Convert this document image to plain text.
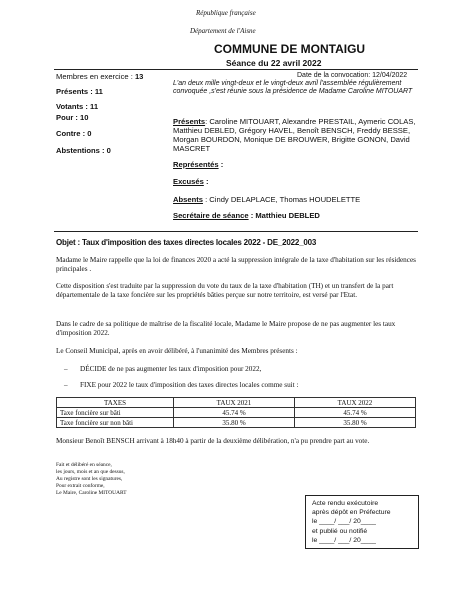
République française
Département de l'Aisne
COMMUNE DE MONTAIGU
Séance du 22 avril 2022
Membres en exercice : 13
Présents : 11
Votants : 11
Pour : 10
Contre : 0
Abstentions : 0
Date de la convocation: 12/04/2022
L'an deux mille vingt-deux et le vingt-deux avril l'assemblée régulièrement convoquée ,s'est réunie sous la présidence de Madame Caroline MITOUART
Présents: Caroline MITOUART, Alexandre PRESTAIL, Aymeric COLAS, Matthieu DEBLED, Grégory HAVEL, Benoît BENSCH, Freddy BESSE, Morgan BOURDON, Monique DE BROUWER, Brigitte GONON, David MASCRET
Représentés :
Excusés :
Absents : Cindy DELAPLACE, Thomas HOUDELETTE
Secrétaire de séance : Matthieu DEBLED
Objet : Taux d'imposition des taxes directes locales 2022 - DE_2022_003
Madame le Maire rappelle que la loi de finances 2020 a acté la suppression intégrale de la taxe d'habitation sur les résidences principales .
Cette disposition s'est traduite par la suppression du vote du taux de la taxe d'habitation (TH) et un transfert de la part départementale de la taxe foncière sur les propriétés bâties perçue sur notre territoire, est versé par l'Etat.
Dans le cadre de sa politique de maîtrise de la fiscalité locale, Madame le Maire propose de ne pas augmenter les taux d'imposition 2022.
Le Conseil Municipal, après en avoir délibéré, à l'unanimité des Membres présents :
– DÉCIDE de ne pas augmenter les taux d'imposition pour 2022,
– FIXE pour 2022 le taux d'imposition des taxes directes locales comme suit :
TAXES	TAUX 2021	TAUX 2022
Taxe foncière sur bâti	45.74 %	45.74 %
Taxe foncière sur non bâti	35.80 %	35.80 %
Monsieur Benoît BENSCH arrivant à 18h40 à partir de la deuxième délibération, n'a pu prendre part au vote.
Fait et délibéré en séance,
les jours, mois et an que dessus,
Au registre sont les signatures,
Pour extrait conforme,
Le Maire, Caroline MITOUART
Acte rendu exécutoire
après dépôt en Préfecture
le ____/ ___/ 20____
et publié ou notifié
le ____/ ___/ 20____
